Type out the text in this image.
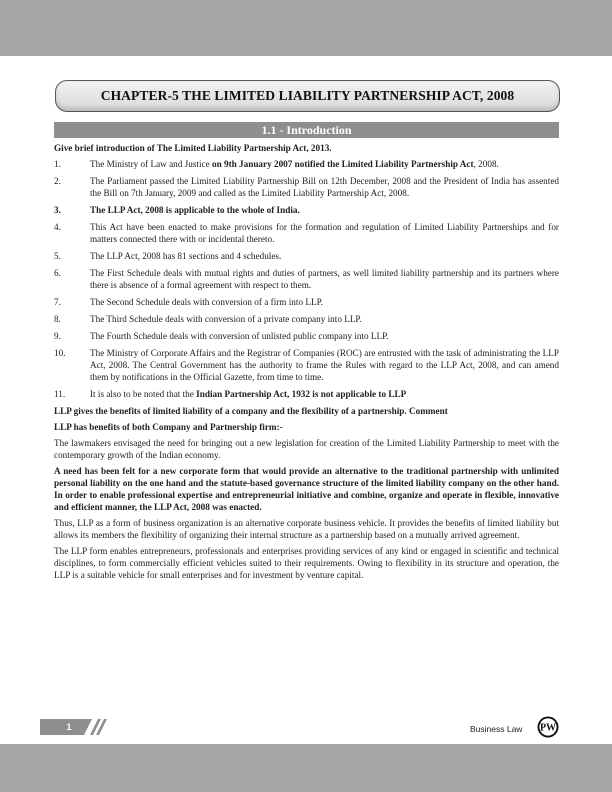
CHAPTER-5 THE LIMITED LIABILITY PARTNERSHIP ACT, 2008
1.1 - Introduction
Give brief introduction of The Limited Liability Partnership Act, 2013.
1.	The Ministry of Law and Justice on 9th January 2007 notified the Limited Liability Partnership Act, 2008.
2.	The Parliament passed the Limited Liability Partnership Bill on 12th December, 2008 and the President of India has assented the Bill on 7th January, 2009 and called as the Limited Liability Partnership Act, 2008.
3.	The LLP Act, 2008 is applicable to the whole of India.
4.	This Act have been enacted to make provisions for the formation and regulation of Limited Liability Partnerships and for matters connected there with or incidental thereto.
5.	The LLP Act, 2008 has 81 sections and 4 schedules.
6.	The First Schedule deals with mutual rights and duties of partners, as well limited liability partnership and its partners where there is absence of a formal agreement with respect to them.
7.	The Second Schedule deals with conversion of a firm into LLP.
8.	The Third Schedule deals with conversion of a private company into LLP.
9.	The Fourth Schedule deals with conversion of unlisted public company into LLP.
10.	The Ministry of Corporate Affairs and the Registrar of Companies (ROC) are entrusted with the task of administrating the LLP Act, 2008. The Central Government has the authority to frame the Rules with regard to the LLP Act, 2008, and can amend them by notifications in the Official Gazette, from time to time.
11.	It is also to be noted that the Indian Partnership Act, 1932 is not applicable to LLP
LLP gives the benefits of limited liability of a company and the flexibility of a partnership. Comment
LLP has benefits of both Company and Partnership firm:-

The lawmakers envisaged the need for bringing out a new legislation for creation of the Limited Liability Partnership to meet with the contemporary growth of the Indian economy.

A need has been felt for a new corporate form that would provide an alternative to the traditional partnership with unlimited personal liability on the one hand and the statute-based governance structure of the limited liability company on the other hand. In order to enable professional expertise and entrepreneurial initiative and combine, organize and operate in flexible, innovative and efficient manner, the LLP Act, 2008 was enacted.

Thus, LLP as a form of business organization is an alternative corporate business vehicle. It provides the benefits of limited liability but allows its members the flexibility of organizing their internal structure as a partnership based on a mutually arrived agreement.

The LLP form enables entrepreneurs, professionals and enterprises providing services of any kind or engaged in scientific and technical disciplines, to form commercially efficient vehicles suited to their requirements. Owing to flexibility in its structure and operation, the LLP is a suitable vehicle for small enterprises and for investment by venture capital.

1	Business Law PW
